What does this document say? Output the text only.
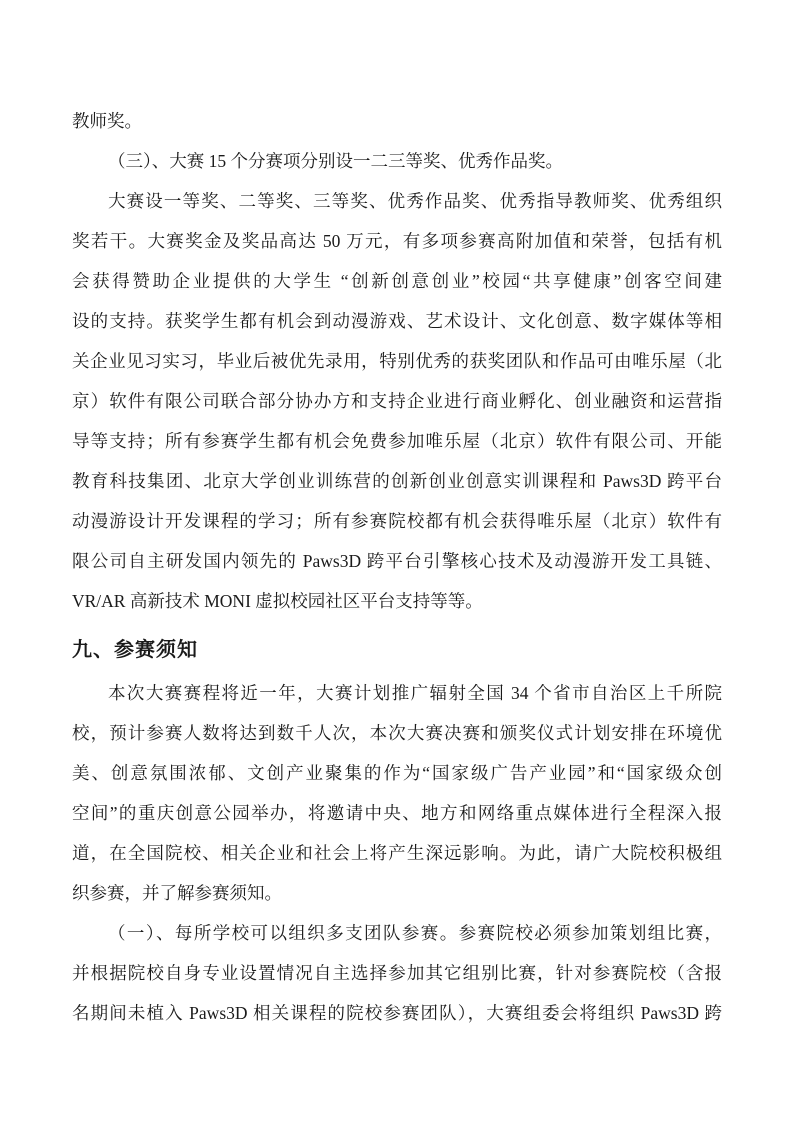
教师奖。
（三）、大赛 15 个分赛项分别设一二三等奖、优秀作品奖。
大赛设一等奖、二等奖、三等奖、优秀作品奖、优秀指导教师奖、优秀组织
奖若干。大赛奖金及奖品高达 50 万元，有多项参赛高附加值和荣誉，包括有机
会获得赞助企业提供的大学生 “创新创意创业”校园“共享健康”创客空间建
设的支持。获奖学生都有机会到动漫游戏、艺术设计、文化创意、数字媒体等相
关企业见习实习，毕业后被优先录用，特别优秀的获奖团队和作品可由唯乐屋（北
京）软件有限公司联合部分协办方和支持企业进行商业孵化、创业融资和运营指
导等支持；所有参赛学生都有机会免费参加唯乐屋（北京）软件有限公司、开能
教育科技集团、北京大学创业训练营的创新创业创意实训课程和 Paws3D 跨平台
动漫游设计开发课程的学习；所有参赛院校都有机会获得唯乐屋（北京）软件有
限公司自主研发国内领先的 Paws3D 跨平台引擎核心技术及动漫游开发工具链、
VR/AR 高新技术 MONI 虚拟校园社区平台支持等等。
九、参赛须知
本次大赛赛程将近一年，大赛计划推广辐射全国 34 个省市自治区上千所院
校，预计参赛人数将达到数千人次，本次大赛决赛和颁奖仪式计划安排在环境优
美、创意氛围浓郁、文创产业聚集的作为“国家级广告产业园”和“国家级众创
空间”的重庆创意公园举办，将邀请中央、地方和网络重点媒体进行全程深入报
道，在全国院校、相关企业和社会上将产生深远影响。为此，请广大院校积极组
织参赛，并了解参赛须知。
（一）、每所学校可以组织多支团队参赛。参赛院校必须参加策划组比赛，
并根据院校自身专业设置情况自主选择参加其它组别比赛，针对参赛院校（含报
名期间未植入 Paws3D 相关课程的院校参赛团队），大赛组委会将组织 Paws3D 跨
